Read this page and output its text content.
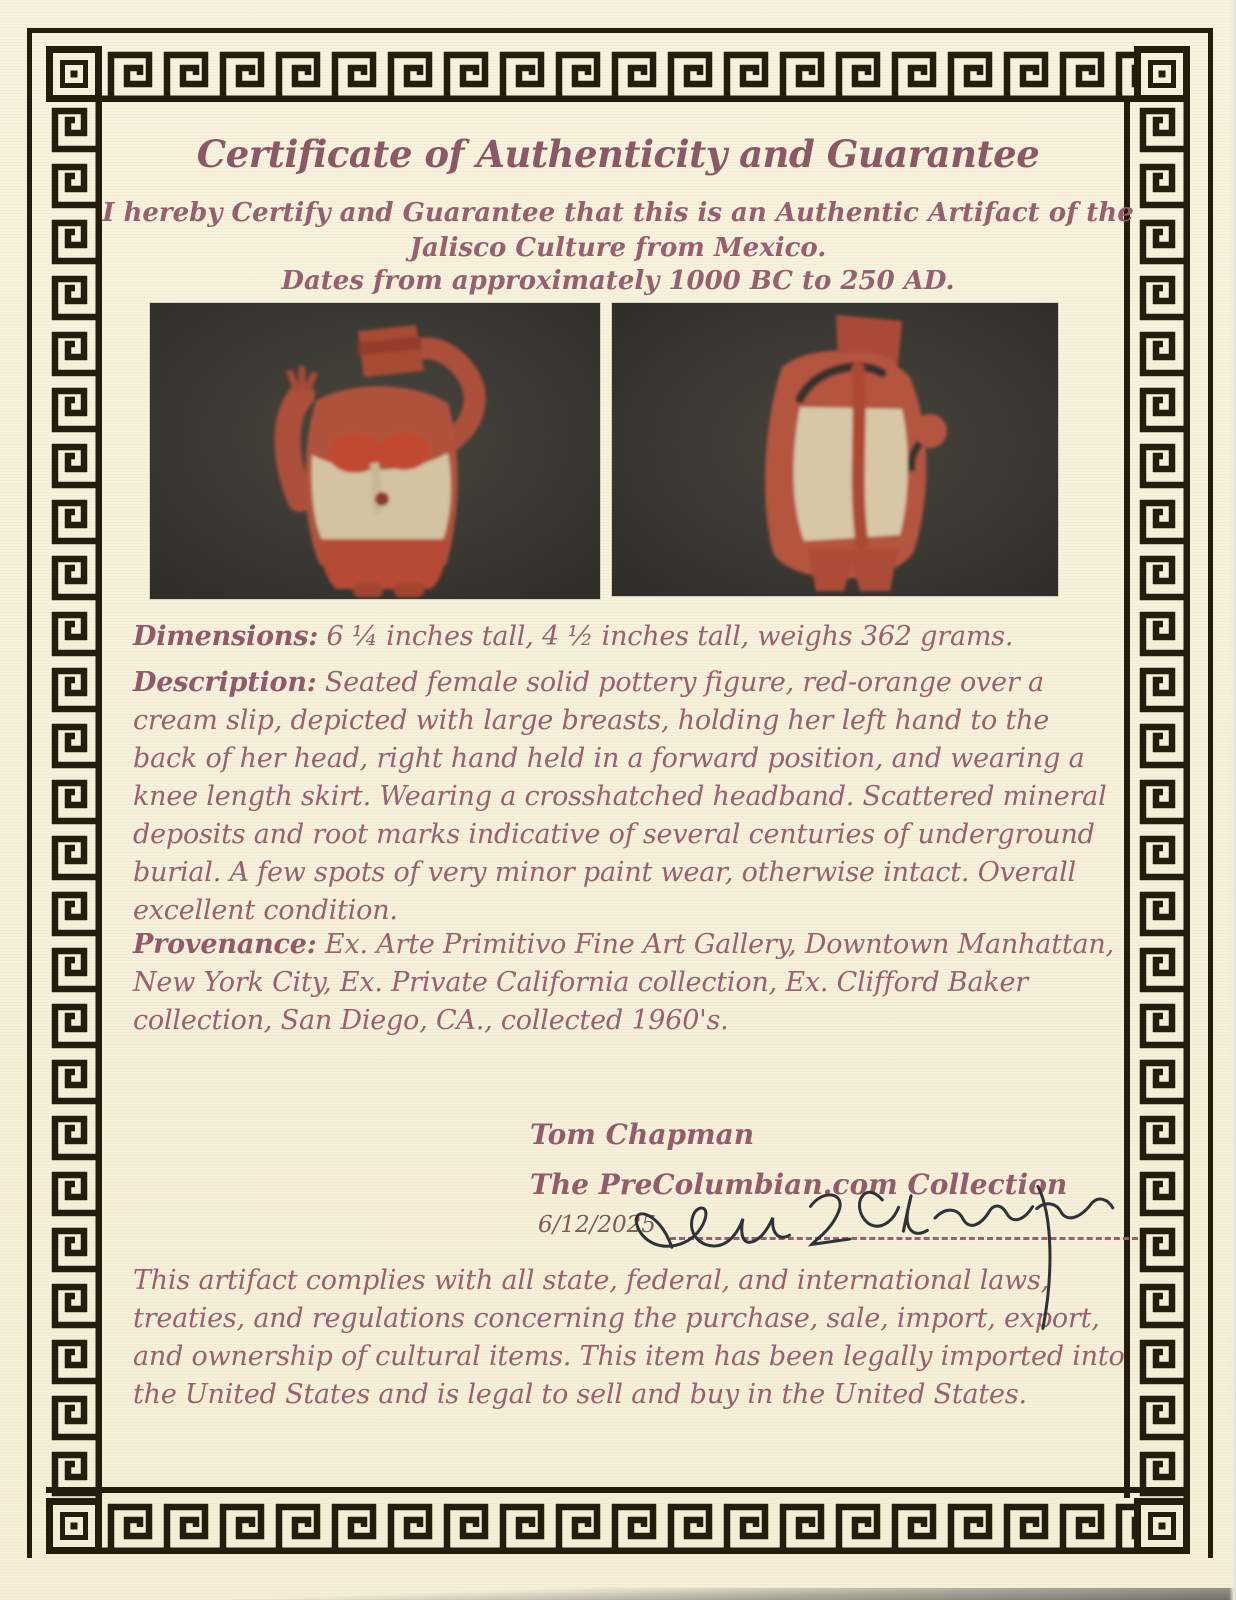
Certificate of Authenticity and Guarantee

I hereby Certify and Guarantee that this is an Authentic Artifact of the

Jalisco Culture from Mexico.

Dates from approximately 1000 BC to 250 AD.

Dimensions: 6 ¼ inches tall, 4 ½ inches tall, weighs 362 grams.

Description: Seated female solid pottery figure, red-orange over a cream slip, depicted with large breasts, holding her left hand to the back of her head, right hand held in a forward position, and wearing a knee length skirt. Wearing a crosshatched headband. Scattered mineral deposits and root marks indicative of several centuries of underground burial. A few spots of very minor paint wear, otherwise intact. Overall excellent condition.

Provenance: Ex. Arte Primitivo Fine Art Gallery, Downtown Manhattan, New York City, Ex. Private California collection, Ex. Clifford Baker collection, San Diego, CA., collected 1960's.

Tom Chapman

The PreColumbian.com Collection

6/12/2025

This artifact complies with all state, federal, and international laws, treaties, and regulations concerning the purchase, sale, import, export, and ownership of cultural items. This item has been legally imported into the United States and is legal to sell and buy in the United States.
